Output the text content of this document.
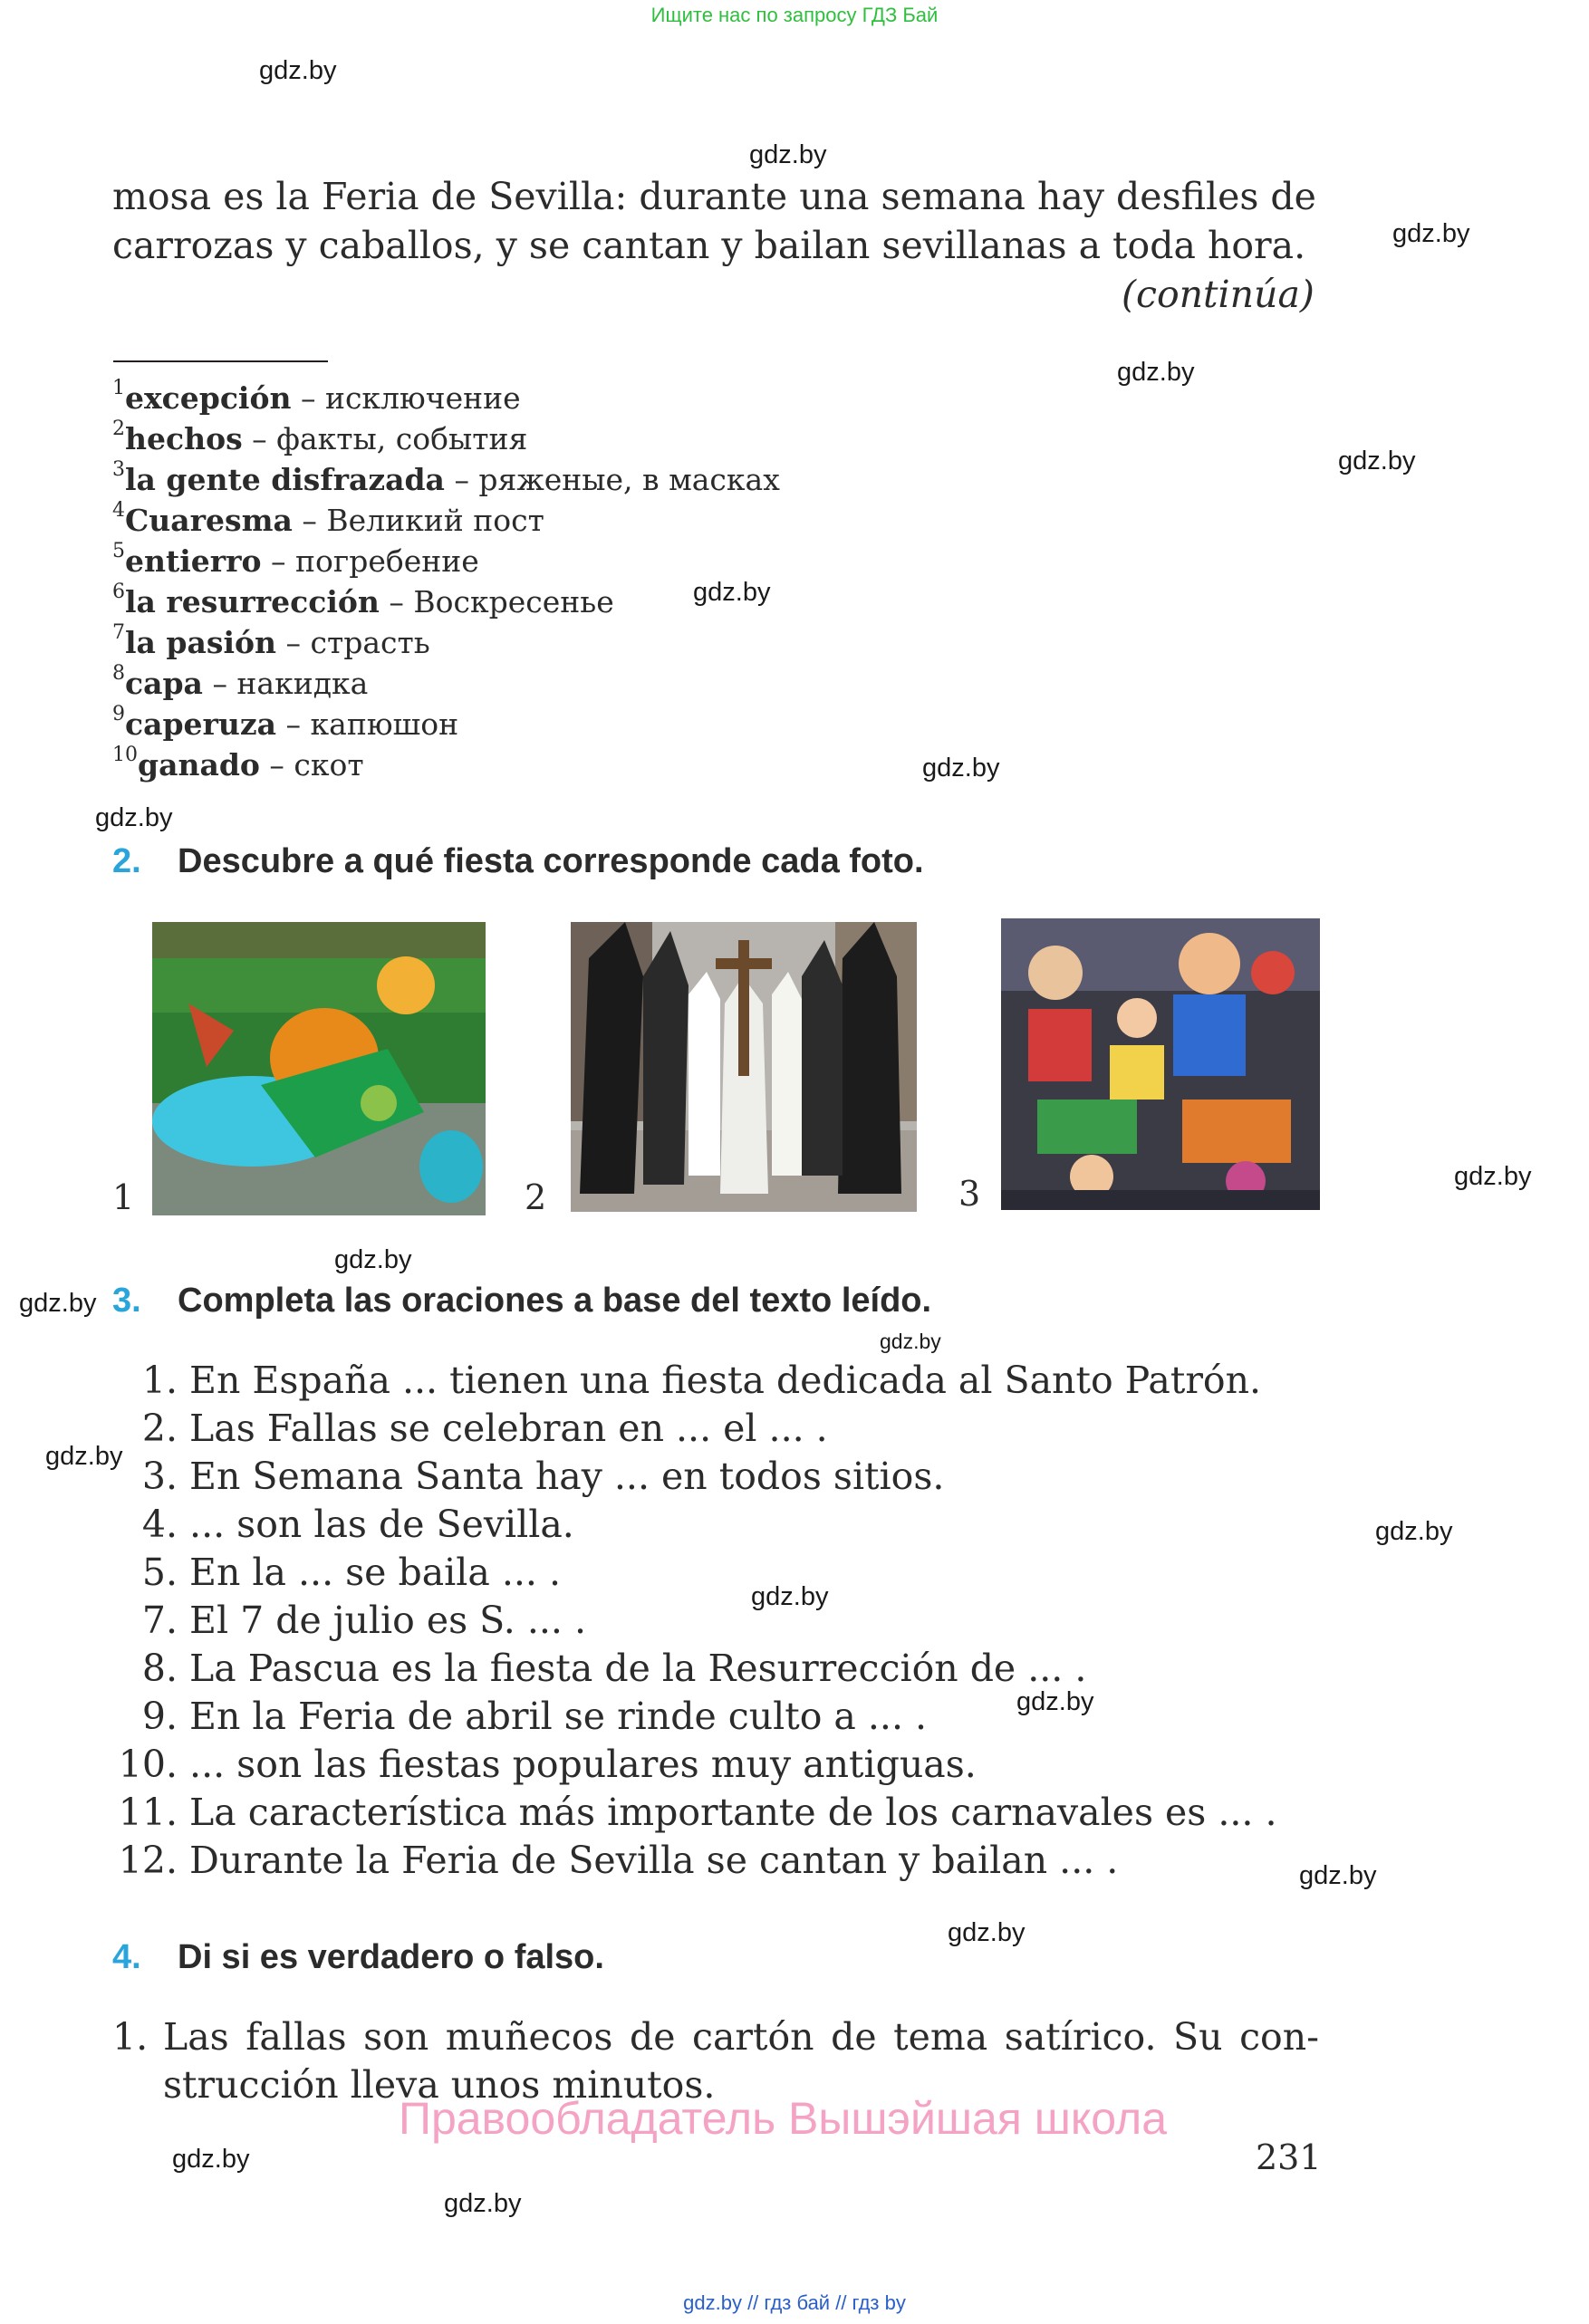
Ищите нас по запросу ГДЗ Бай
gdz.by
gdz.by
gdz.by
gdz.by
gdz.by
gdz.by
gdz.by
gdz.by
gdz.by
gdz.by
gdz.by
gdz.by
gdz.by
gdz.by
gdz.by
gdz.by
gdz.by
gdz.by
gdz.by
gdz.by
mosa es la Feria de Sevilla: durante una semana hay desfiles de
carrozas y caballos, y se cantan y bailan sevillanas a toda hora.
(continúa)
$^1$excepción – исключение
$^2$hechos – факты, события
$^3$la gente disfrazada – ряженые, в масках
$^4$Cuaresma – Великий пост
$^5$entierro – погребение
$^6$la resurrección – Воскресенье
$^7$la pasión – страсть
$^8$capa – накидка
$^9$caperuza – капюшон
$^{10}$ganado – скот
2. Descubre a qué fiesta corresponde cada foto.
1	2	3
3. Completa las oraciones a base del texto leído.
1. En España ... tienen una fiesta dedicada al Santo Patrón.
2. Las Fallas se celebran en ... el ... .
3. En Semana Santa hay ... en todos sitios.
4. ... son las de Sevilla.
5. En la ... se baila ... .
7. El 7 de julio es S. ... .
8. La Pascua es la fiesta de la Resurrección de ... .
9. En la Feria de abril se rinde culto a ... .
10. ... son las fiestas populares muy antiguas.
11. La característica más importante de los carnavales es ... .
12. Durante la Feria de Sevilla se cantan y bailan ... .
4. Di si es verdadero o falso.
1. Las fallas son muñecos de cartón de tema satírico. Su con-
strucción lleva unos minutos.
Правообладатель Вышэйшая школа
231
gdz.by // гдз бай // гдз by
